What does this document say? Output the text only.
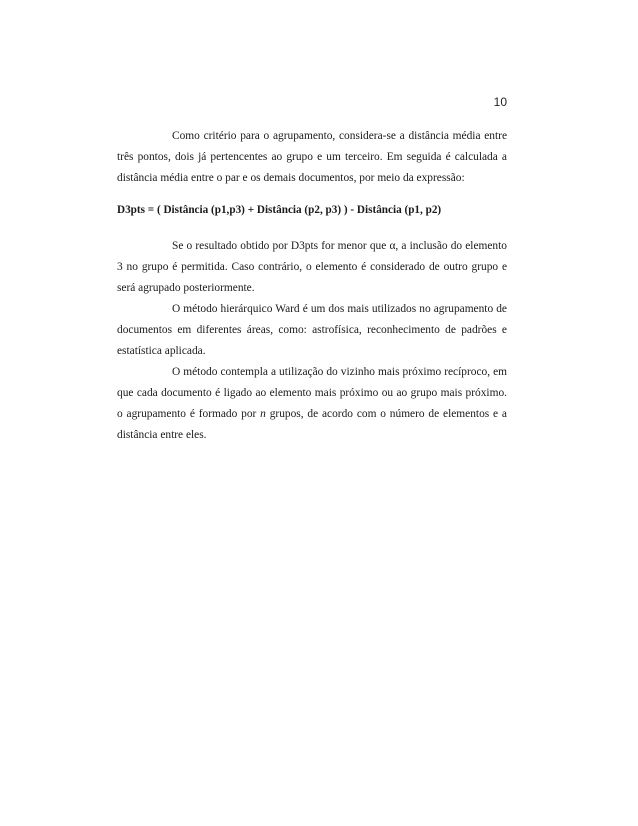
10

Como critério para o agrupamento, considera-se a distância média entre três pontos, dois já pertencentes ao grupo e um terceiro. Em seguida é calculada a distância média entre o par e os demais documentos, por meio da expressão:

D3pts = ( Distância (p1,p3) + Distância (p2, p3) ) - Distância (p1, p2)

Se o resultado obtido por D3pts for menor que α, a inclusão do elemento 3 no grupo é permitida. Caso contrário, o elemento é considerado de outro grupo e será agrupado posteriormente.

O método hierárquico Ward é um dos mais utilizados no agrupamento de documentos em diferentes áreas, como: astrofísica, reconhecimento de padrões e estatística aplicada.

O método contempla a utilização do vizinho mais próximo recíproco, em que cada documento é ligado ao elemento mais próximo ou ao grupo mais próximo. o agrupamento é formado por n grupos, de acordo com o número de elementos e a distância entre eles.
